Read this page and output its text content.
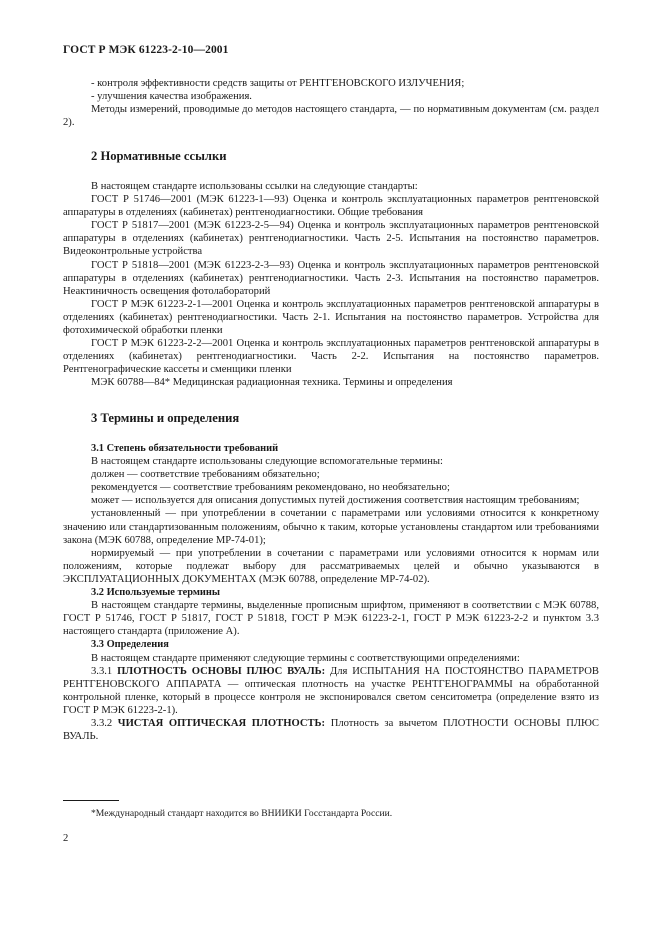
ГОСТ Р МЭК 61223-2-10—2001

- контроля эффективности средств защиты от РЕНТГЕНОВСКОГО ИЗЛУЧЕНИЯ;

- улучшения качества изображения.

Методы измерений, проводимые до методов настоящего стандарта, — по нормативным документам (см. раздел 2).

2 Нормативные ссылки

В настоящем стандарте использованы ссылки на следующие стандарты:

ГОСТ Р 51746—2001 (МЭК 61223-1—93) Оценка и контроль эксплуатационных параметров рентгеновской аппаратуры в отделениях (кабинетах) рентгенодиагностики. Общие требования

ГОСТ Р 51817—2001 (МЭК 61223-2-5—94) Оценка и контроль эксплуатационных параметров рентгеновской аппаратуры в отделениях (кабинетах) рентгенодиагностики. Часть 2-5. Испытания на постоянство параметров. Видеоконтрольные устройства

ГОСТ Р 51818—2001 (МЭК 61223-2-3—93) Оценка и контроль эксплуатационных параметров рентгеновской аппаратуры в отделениях (кабинетах) рентгенодиагностики. Часть 2-3. Испытания на постоянство параметров. Неактиничность освещения фотолабораторий

ГОСТ Р МЭК 61223-2-1—2001 Оценка и контроль эксплуатационных параметров рентгеновской аппаратуры в отделениях (кабинетах) рентгенодиагностики. Часть 2-1. Испытания на постоянство параметров. Устройства для фотохимической обработки пленки

ГОСТ Р МЭК 61223-2-2—2001 Оценка и контроль эксплуатационных параметров рентгеновской аппаратуры в отделениях (кабинетах) рентгенодиагностики. Часть 2-2. Испытания на постоянство параметров. Рентгенографические кассеты и сменщики пленки

МЭК 60788—84* Медицинская радиационная техника. Термины и определения

3 Термины и определения

3.1 Степень обязательности требований

В настоящем стандарте использованы следующие вспомогательные термины:

должен — соответствие требованиям обязательно;

рекомендуется — соответствие требованиям рекомендовано, но необязательно;

может — используется для описания допустимых путей достижения соответствия настоящим требованиям;

установленный — при употреблении в сочетании с параметрами или условиями относится к конкретному значению или стандартизованным положениям, обычно к таким, которые установлены стандартом или требованиями закона (МЭК 60788, определение МР-74-01);

нормируемый — при употреблении в сочетании с параметрами или условиями относится к нормам или положениям, которые подлежат выбору для рассматриваемых целей и обычно указываются в ЭКСПЛУАТАЦИОННЫХ ДОКУМЕНТАХ (МЭК 60788, определение МР-74-02).

3.2 Используемые термины

В настоящем стандарте термины, выделенные прописным шрифтом, применяют в соответствии с МЭК 60788, ГОСТ Р 51746, ГОСТ Р 51817, ГОСТ Р 51818, ГОСТ Р МЭК 61223-2-1, ГОСТ Р МЭК 61223-2-2 и пунктом 3.3 настоящего стандарта (приложение А).

3.3 Определения

В настоящем стандарте применяют следующие термины с соответствующими определениями:

3.3.1 ПЛОТНОСТЬ ОСНОВЫ ПЛЮС ВУАЛЬ: Для ИСПЫТАНИЯ НА ПОСТОЯНСТВО ПАРАМЕТРОВ РЕНТГЕНОВСКОГО АППАРАТА — оптическая плотность на участке РЕНТГЕНОГРАММЫ на обработанной контрольной пленке, который в процессе контроля не экспонировался светом сенситометра (определение взято из ГОСТ Р МЭК 61223-2-1).

3.3.2 ЧИСТАЯ ОПТИЧЕСКАЯ ПЛОТНОСТЬ: Плотность за вычетом ПЛОТНОСТИ ОСНОВЫ ПЛЮС ВУАЛЬ.

*Международный стандарт находится во ВНИИКИ Госстандарта России.
2
